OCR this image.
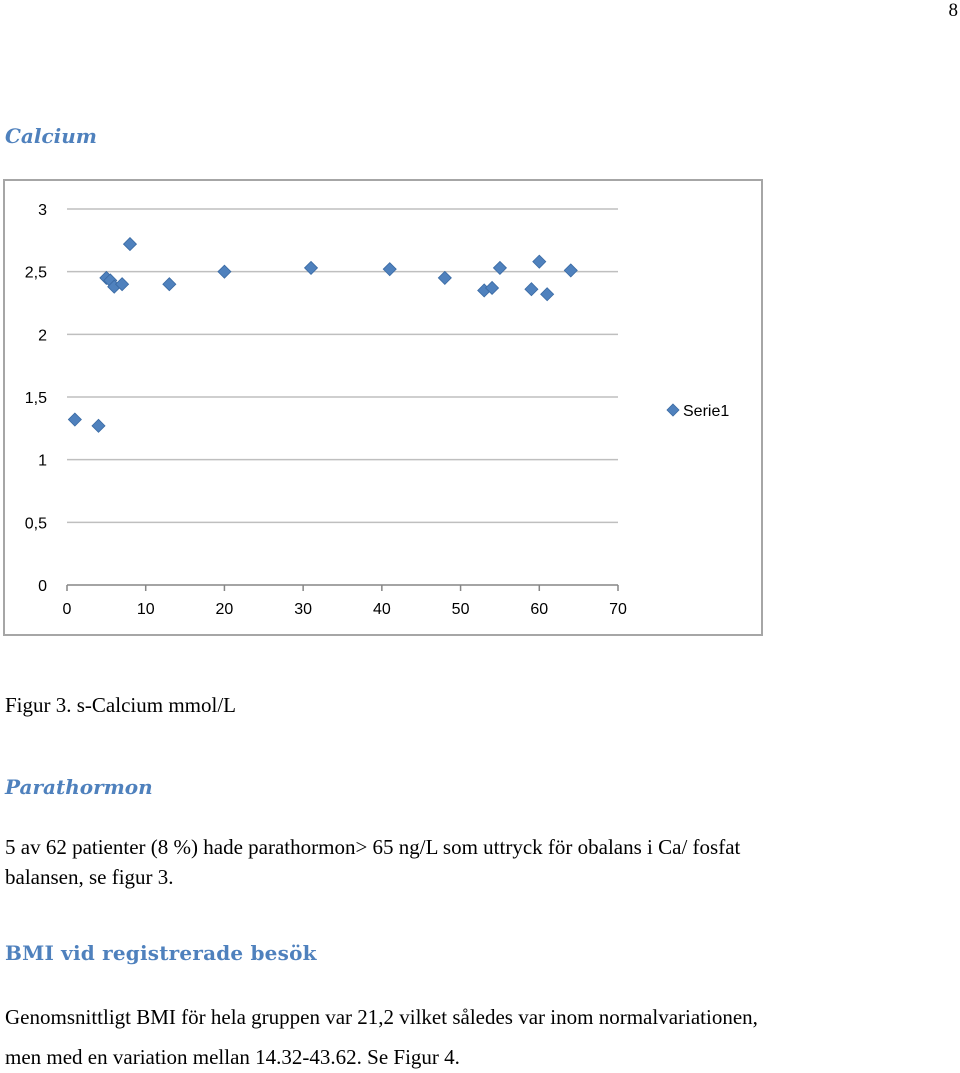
8
Calcium
0
0,5
1
1,5
2
2,5
3
0	10	20	30	40	50	60	70
Serie1
Figur 3. s-Calcium mmol/L
Parathormon
5 av 62 patienter (8 %) hade parathormon> 65 ng/L som uttryck för obalans i Ca/ fosfat
balansen, se figur 3.
BMI vid registrerade besök
Genomsnittligt BMI för hela gruppen var 21,2 vilket således var inom normalvariationen,
men med en variation mellan 14.32-43.62. Se Figur 4.
